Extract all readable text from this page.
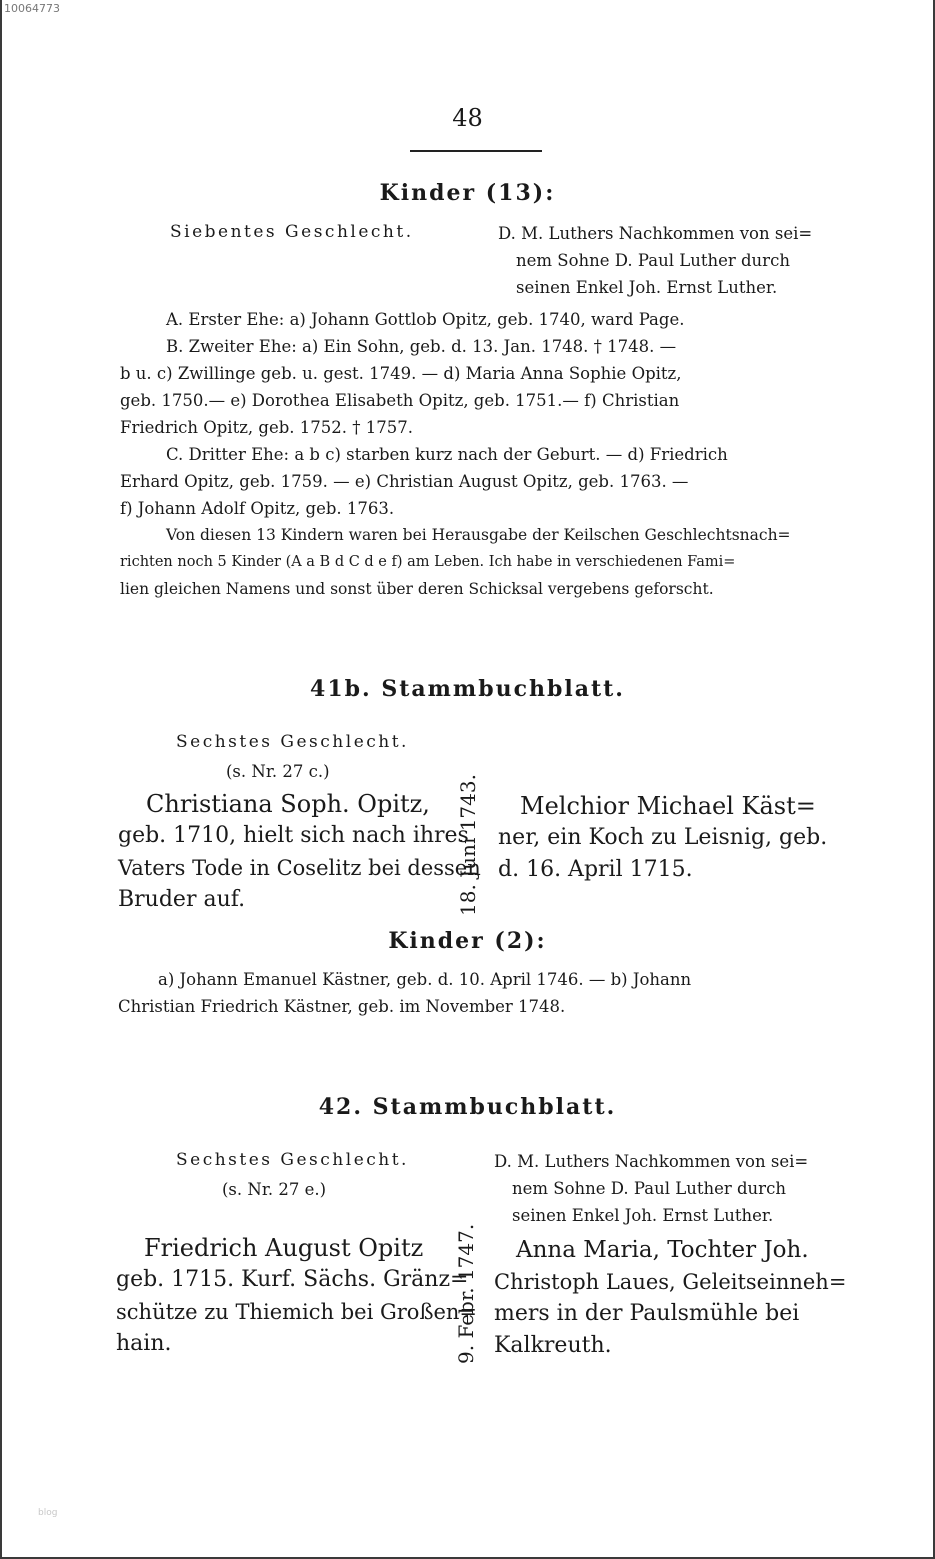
10064773
blog
48
Kinder (13):
Siebentes Geschlecht.	D. M. Luthers Nachkommen von sei=
nem Sohne D. Paul Luther durch
seinen Enkel Joh. Ernst Luther.
A. Erster Ehe: a) Johann Gottlob Opitz, geb. 1740, ward Page.
B. Zweiter Ehe: a) Ein Sohn, geb. d. 13. Jan. 1748. † 1748. —
b u. c) Zwillinge geb. u. gest. 1749. — d) Maria Anna Sophie Opitz,
geb. 1750.— e) Dorothea Elisabeth Opitz, geb. 1751.— f) Christian
Friedrich Opitz, geb. 1752. † 1757.
C. Dritter Ehe: a b c) starben kurz nach der Geburt. — d) Friedrich
Erhard Opitz, geb. 1759. — e) Christian August Opitz, geb. 1763. —
f) Johann Adolf Opitz, geb. 1763.
Von diesen 13 Kindern waren bei Herausgabe der Keilschen Geschlechtsnach=
richten noch 5 Kinder (A a B d C d e f) am Leben. Ich habe in verschiedenen Fami=
lien gleichen Namens und sonst über deren Schicksal vergebens geforscht.
41b. Stammbuchblatt.
Sechstes Geschlecht.
(s. Nr. 27 c.)
Christiana Soph. Opitz,
geb. 1710, hielt sich nach ihres
Vaters Tode in Coselitz bei dessen
Bruder auf.	18. Juni 1743.	Melchior Michael Käst=
ner, ein Koch zu Leisnig, geb.
d. 16. April 1715.
Kinder (2):
a) Johann Emanuel Kästner, geb. d. 10. April 1746. — b) Johann
Christian Friedrich Kästner, geb. im November 1748.
42. Stammbuchblatt.
Sechstes Geschlecht.
(s. Nr. 27 e.)
D. M. Luthers Nachkommen von sei=
nem Sohne D. Paul Luther durch
seinen Enkel Joh. Ernst Luther.
Friedrich August Opitz
geb. 1715. Kurf. Sächs. Gränz=
schütze zu Thiemich bei Großen=
hain.	9. Febr. 1747.	Anna Maria, Tochter Joh.
Christoph Laues, Geleitseinneh=
mers in der Paulsmühle bei
Kalkreuth.
